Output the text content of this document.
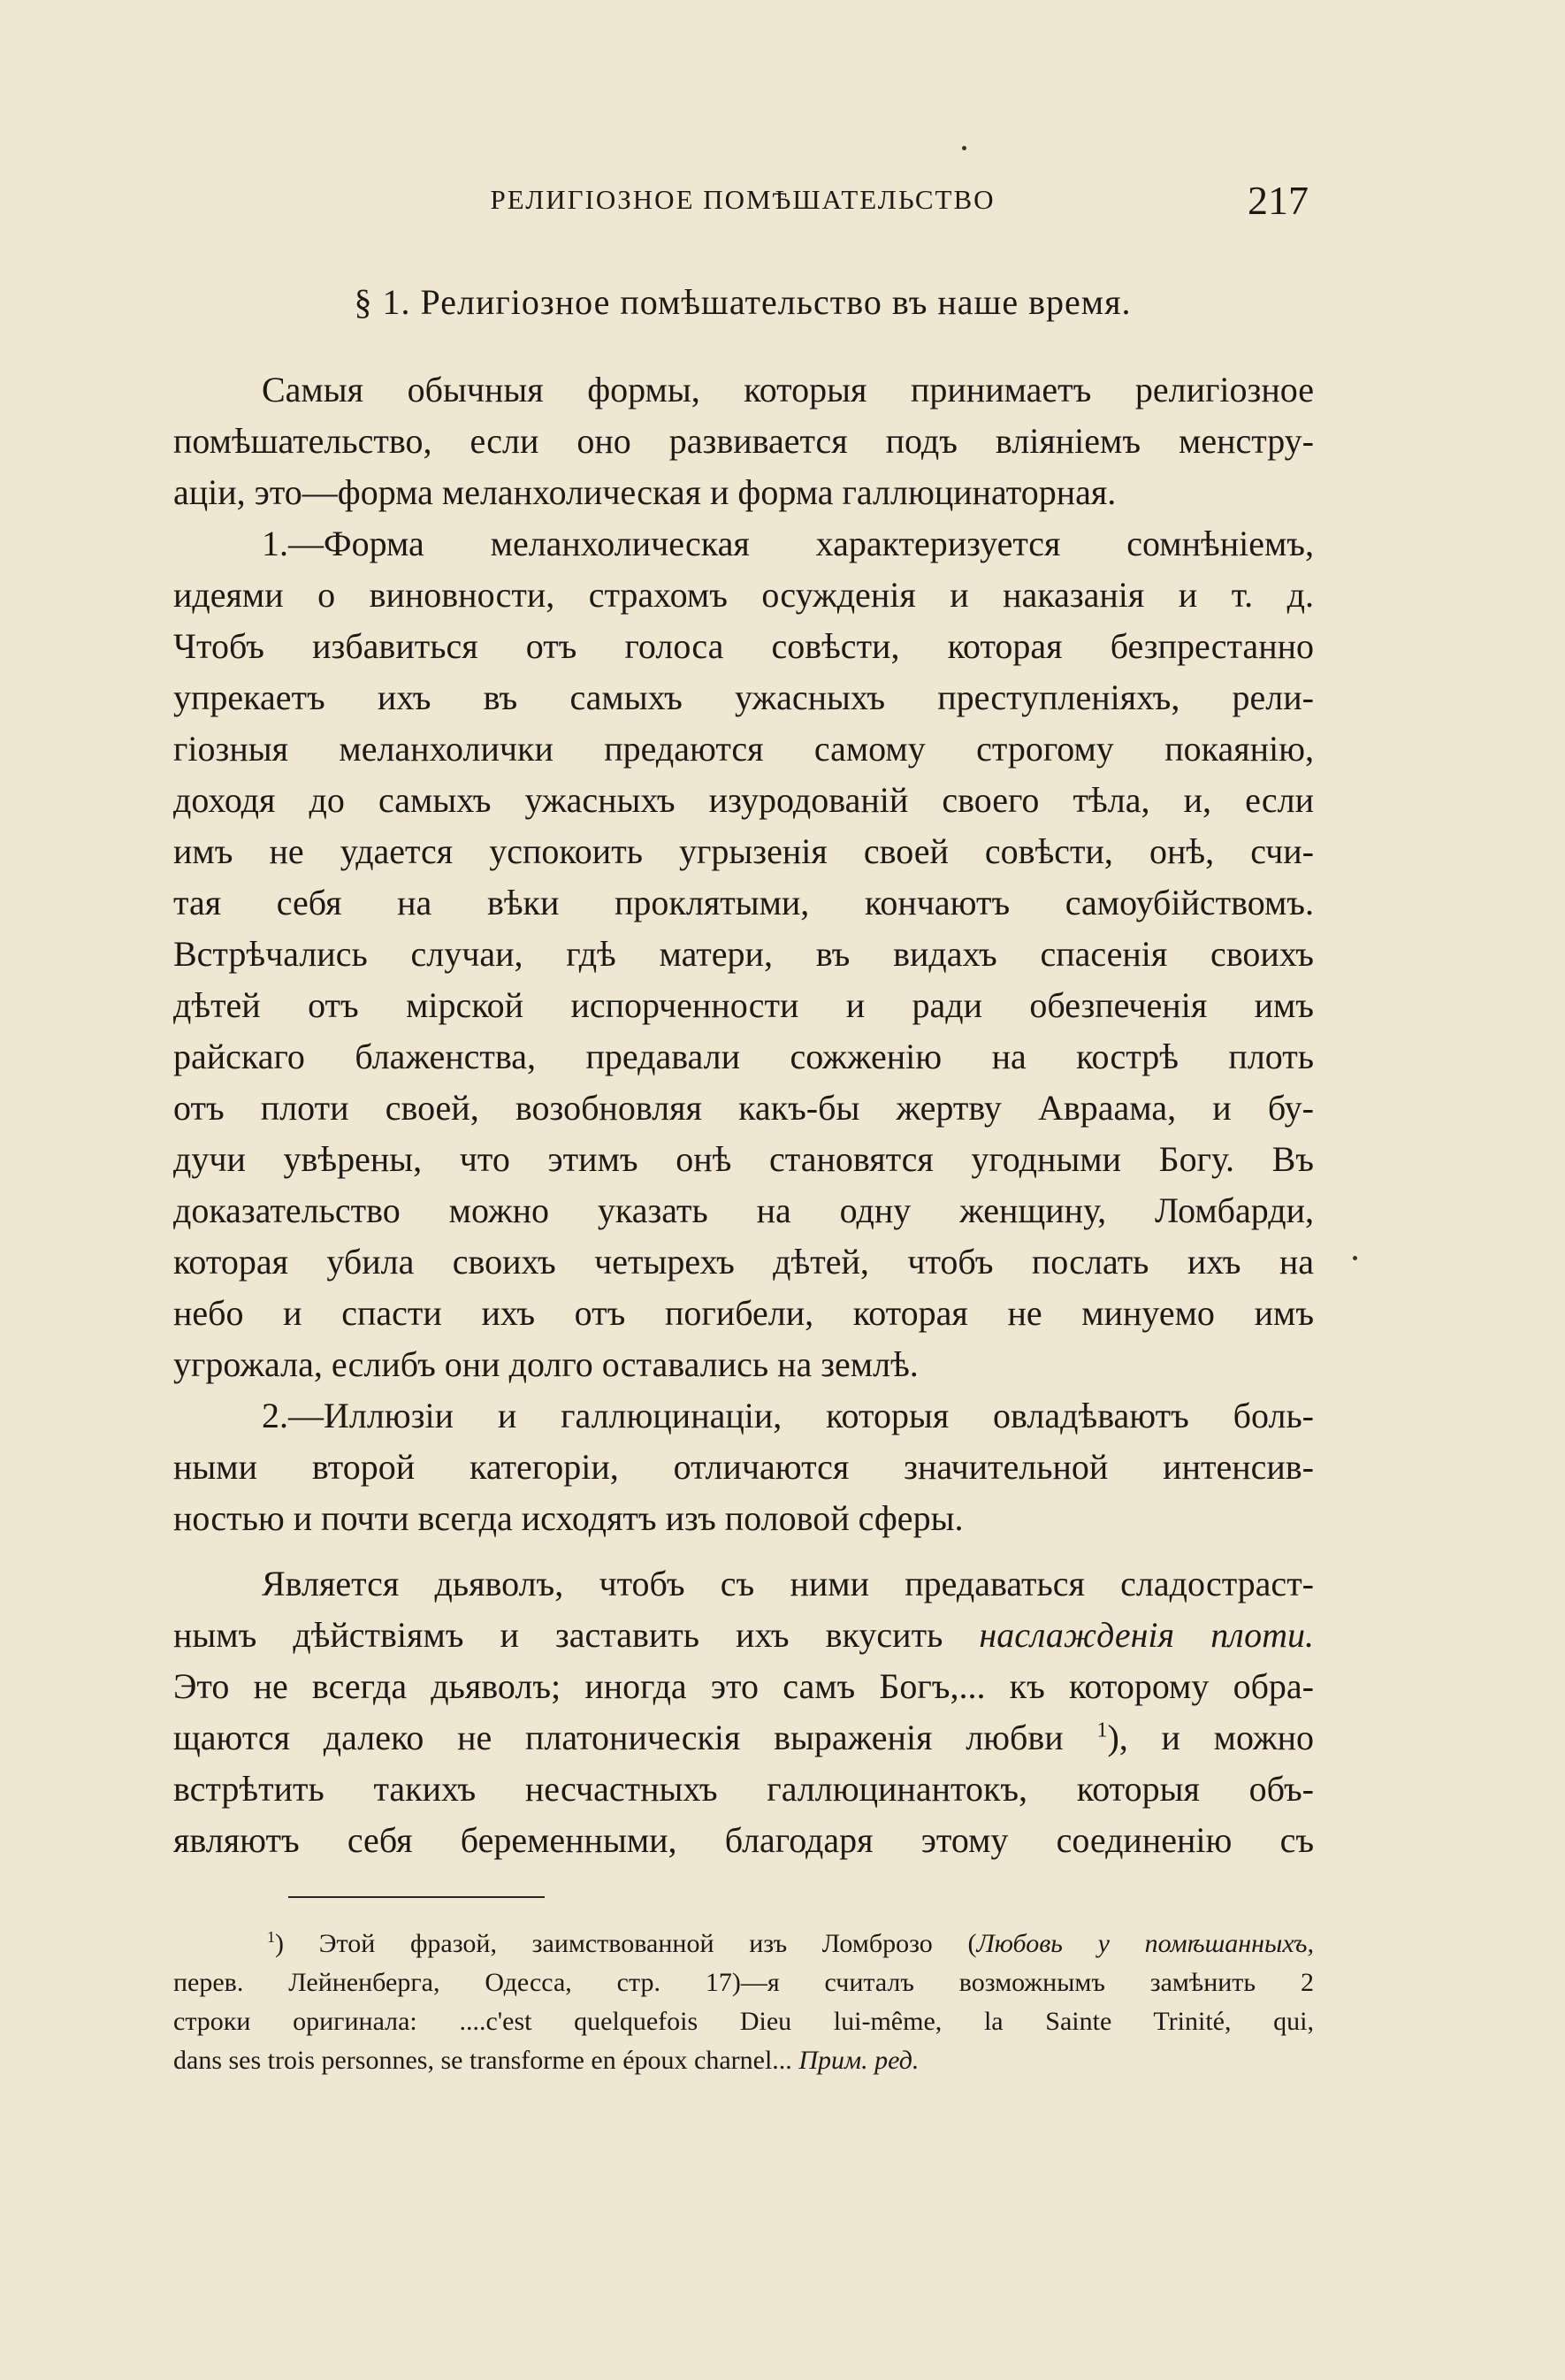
РЕЛИГIОЗНОЕ ПОМѢШАТЕЛЬСТВО	217
§ 1. Религіозное помѣшательство въ наше время.
Самыя обычныя формы, которыя принимаетъ религіозное
помѣшательство, если оно развивается подъ вліяніемъ менстру-
аціи, это—форма меланхолическая и форма галлюцинаторная.
1.—Форма меланхолическая характеризуется сомнѣніемъ,
идеями о виновности, страхомъ осужденія и наказанія и т. д.
Чтобъ избавиться отъ голоса совѣсти, которая безпрестанно
упрекаетъ ихъ въ самыхъ ужасныхъ преступленіяхъ, рели-
гіозныя меланхолички предаются самому строгому покаянію,
доходя до самыхъ ужасныхъ изуродованій своего тѣла, и, если
имъ не удается успокоить угрызенія своей совѣсти, онѣ, счи-
тая себя на вѣки проклятыми, кончаютъ самоубійствомъ.
Встрѣчались случаи, гдѣ матери, въ видахъ спасенія своихъ
дѣтей отъ мірской испорченности и ради обезпеченія имъ
райскаго блаженства, предавали сожженію на кострѣ плоть
отъ плоти своей, возобновляя какъ-бы жертву Авраама, и бу-
дучи увѣрены, что этимъ онѣ становятся угодными Богу. Въ
доказательство можно указать на одну женщину, Ломбарди,
которая убила своихъ четырехъ дѣтей, чтобъ послать ихъ на
небо и спасти ихъ отъ погибели, которая не минуемо имъ
угрожала, еслибъ они долго оставались на землѣ.
2.—Иллюзіи и галлюцинаціи, которыя овладѣваютъ боль-
ными второй категоріи, отличаются значительной интенсив-
ностью и почти всегда исходятъ изъ половой сферы.
Является дьяволъ, чтобъ съ ними предаваться сладостраст-
нымъ дѣйствіямъ и заставить ихъ вкусить наслажденія плоти.
Это не всегда дьяволъ; иногда это самъ Богъ,... къ которому обра-
щаются далеко не платоническія выраженія любви $^1$), и можно
встрѣтить такихъ несчастныхъ галлюцинантокъ, которыя объ-
являютъ себя беременными, благодаря этому соединенію съ
$^1$) Этой фразой, заимствованной изъ Ломброзо (Любовь у помѣшанныхъ,
перев. Лейненберга, Одесса, стр. 17)—я считалъ возможнымъ замѣнить 2
строки оригинала: ....c'est quelquefois Dieu lui-même, la Sainte Trinité, qui,
dans ses trois personnes, se transforme en époux charnel... Прим. ред.
